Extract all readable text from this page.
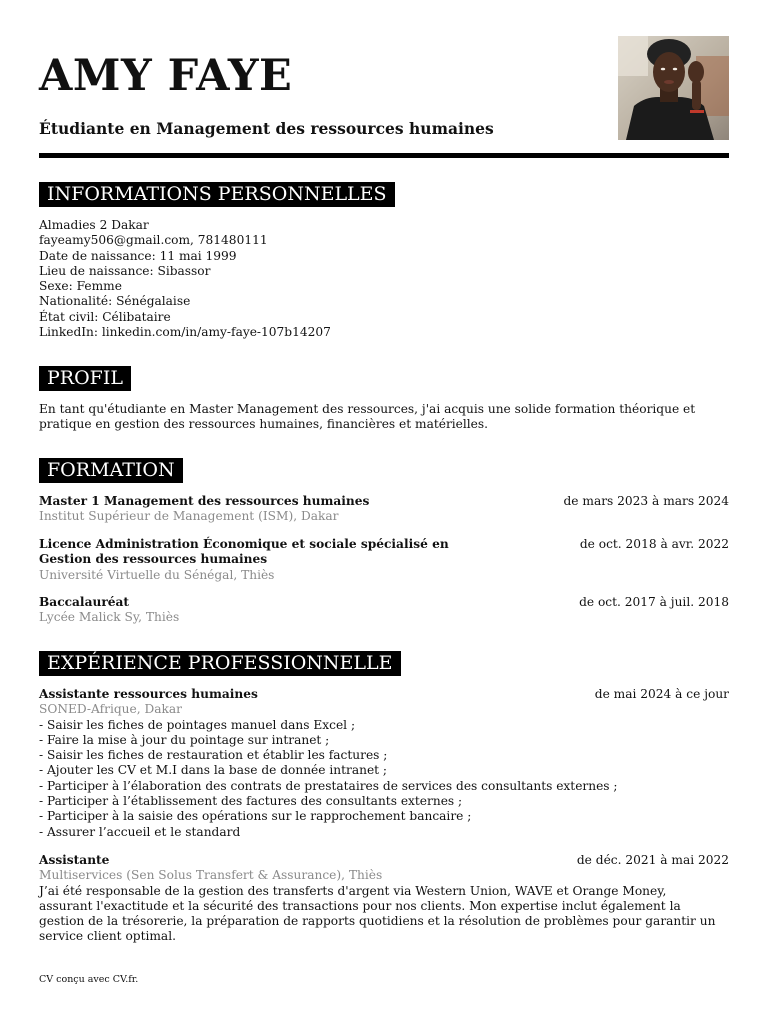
AMY FAYE
Étudiante en Management des ressources humaines
INFORMATIONS PERSONNELLES
Almadies 2 Dakar
fayeamy506@gmail.com, 781480111
Date de naissance: 11 mai 1999
Lieu de naissance: Sibassor
Sexe: Femme
Nationalité: Sénégalaise
État civil: Célibataire
LinkedIn: linkedin.com/in/amy-faye-107b14207
PROFIL
En tant qu'étudiante en Master Management des ressources, j'ai acquis une solide formation théorique et
pratique en gestion des ressources humaines, financières et matérielles.
FORMATION
Master 1 Management des ressources humaines	de mars 2023 à mars 2024
Institut Supérieur de Management (ISM), Dakar
Licence Administration Économique et sociale spécialisé en
Gestion des ressources humaines
de oct. 2018 à avr. 2022
Université Virtuelle du Sénégal, Thiès
Baccalauréat	de oct. 2017 à juil. 2018
Lycée Malick Sy, Thiès
EXPÉRIENCE PROFESSIONNELLE
Assistante ressources humaines	de mai 2024 à ce jour
SONED-Afrique, Dakar
- Saisir les fiches de pointages manuel dans Excel ;
- Faire la mise à jour du pointage sur intranet ;
- Saisir les fiches de restauration et établir les factures ;
- Ajouter les CV et M.I dans la base de donnée intranet ;
- Participer à l’élaboration des contrats de prestataires de services des consultants externes ;
- Participer à l’établissement des factures des consultants externes ;
- Participer à la saisie des opérations sur le rapprochement bancaire ;
- Assurer l’accueil et le standard
Assistante	de déc. 2021 à mai 2022
Multiservices (Sen Solus Transfert & Assurance), Thiès
J’ai été responsable de la gestion des transferts d'argent via Western Union, WAVE et Orange Money,
assurant l'exactitude et la sécurité des transactions pour nos clients. Mon expertise inclut également la
gestion de la trésorerie, la préparation de rapports quotidiens et la résolution de problèmes pour garantir un
service client optimal.
CV conçu avec CV.fr.
